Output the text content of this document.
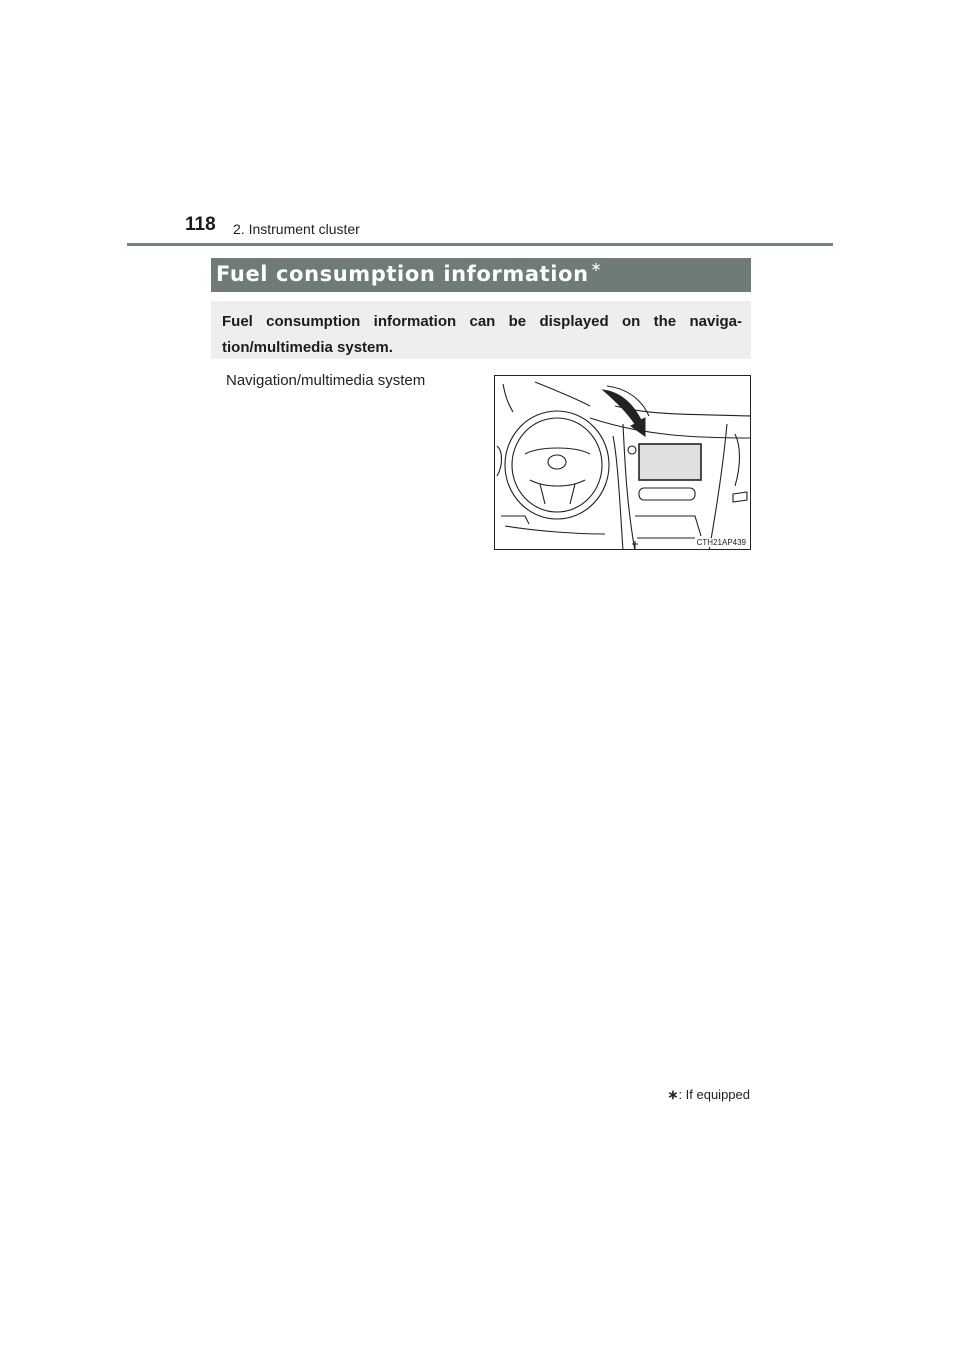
118 2. Instrument cluster
Fuel consumption information ∗
Fuel consumption information can be displayed on the naviga-tion/multimedia system.
Navigation/multimedia system
CTH21AP439
∗: If equipped
